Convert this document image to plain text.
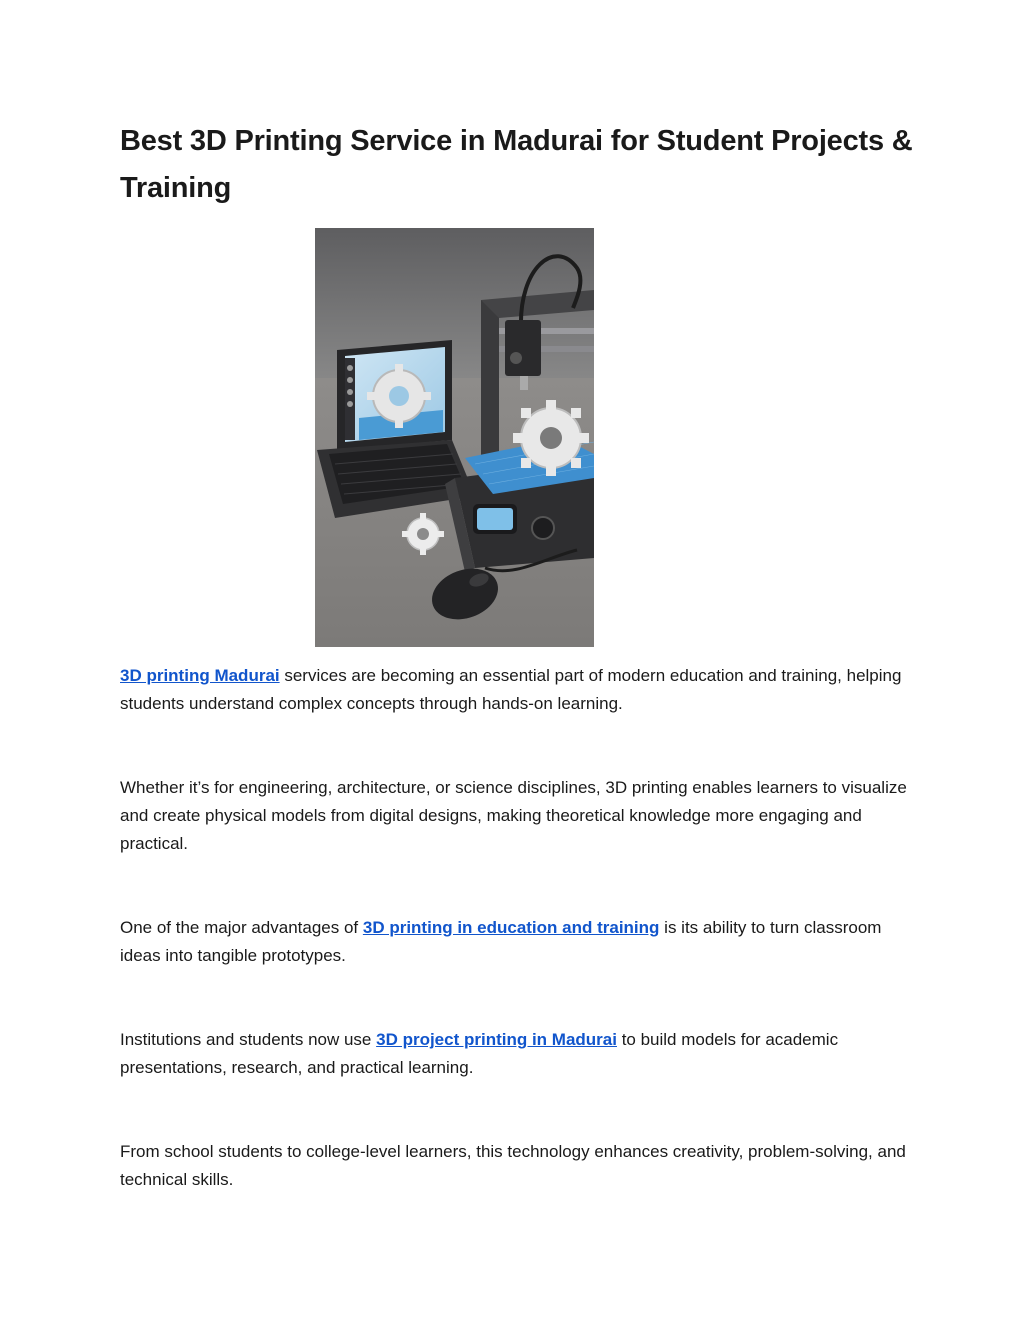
Best 3D Printing Service in Madurai for Student Projects & Training

3D printing Madurai services are becoming an essential part of modern education and training, helping students understand complex concepts through hands-on learning.

Whether it’s for engineering, architecture, or science disciplines, 3D printing enables learners to visualize and create physical models from digital designs, making theoretical knowledge more engaging and practical.

One of the major advantages of 3D printing in education and training is its ability to turn classroom ideas into tangible prototypes.

Institutions and students now use 3D project printing in Madurai to build models for academic presentations, research, and practical learning.

From school students to college-level learners, this technology enhances creativity, problem-solving, and technical skills.
